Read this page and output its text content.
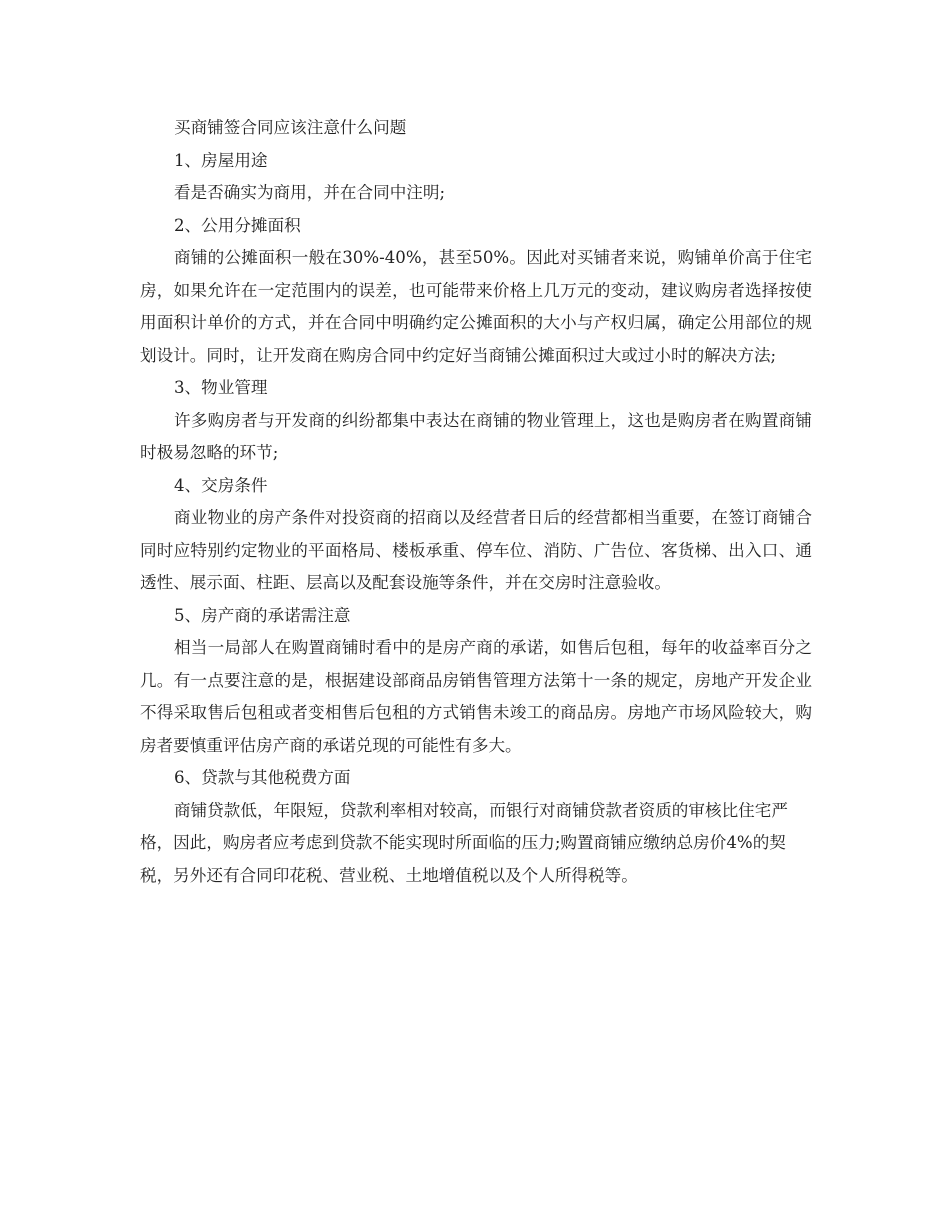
买商铺签合同应该注意什么问题
1、房屋用途

看是否确实为商用，并在合同中注明;

2、公用分摊面积

商铺的公摊面积一般在30%-40%，甚至50%。因此对买铺者来说，购铺单价高于住宅房，如果允许在一定范围内的误差，也可能带来价格上几万元的变动，建议购房者选择按使用面积计单价的方式，并在合同中明确约定公摊面积的大小与产权归属，确定公用部位的规划设计。同时，让开发商在购房合同中约定好当商铺公摊面积过大或过小时的解决方法;

3、物业管理

许多购房者与开发商的纠纷都集中表达在商铺的物业管理上，这也是购房者在购置商铺时极易忽略的环节;

4、交房条件

商业物业的房产条件对投资商的招商以及经营者日后的经营都相当重要，在签订商铺合同时应特别约定物业的平面格局、楼板承重、停车位、消防、广告位、客货梯、出入口、通透性、展示面、柱距、层高以及配套设施等条件，并在交房时注意验收。

5、房产商的承诺需注意

相当一局部人在购置商铺时看中的是房产商的承诺，如售后包租，每年的收益率百分之几。有一点要注意的是，根据建设部商品房销售管理方法第十一条的规定，房地产开发企业不得采取售后包租或者变相售后包租的方式销售未竣工的商品房。房地产市场风险较大，购房者要慎重评估房产商的承诺兑现的可能性有多大。

6、贷款与其他税费方面

商铺贷款低，年限短，贷款利率相对较高，而银行对商铺贷款者资质的审核比住宅严格，因此，购房者应考虑到贷款不能实现时所面临的压力;购置商铺应缴纳总房价4%的契税，另外还有合同印花税、营业税、土地增值税以及个人所得税等。
